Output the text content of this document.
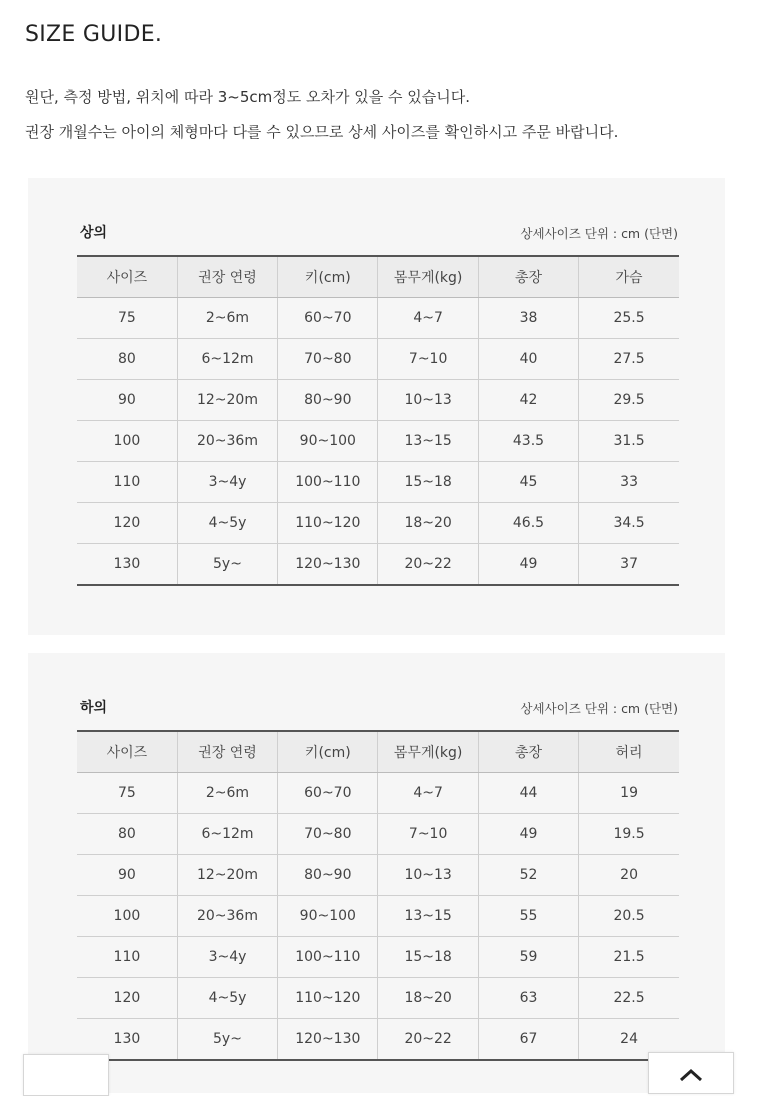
SIZE GUIDE.

원단, 측정 방법, 위치에 따라 3~5cm정도 오차가 있을 수 있습니다.

권장 개월수는 아이의 체형마다 다를 수 있으므로 상세 사이즈를 확인하시고 주문 바랍니다.

상의	상세사이즈 단위 : cm (단면)
사이즈	권장 연령	키(cm)	몸무게(kg)	총장	가슴
75	2~6m	60~70	4~7	38	25.5
80	6~12m	70~80	7~10	40	27.5
90	12~20m	80~90	10~13	42	29.5
100	20~36m	90~100	13~15	43.5	31.5
110	3~4y	100~110	15~18	45	33
120	4~5y	110~120	18~20	46.5	34.5
130	5y~	120~130	20~22	49	37

하의	상세사이즈 단위 : cm (단면)
사이즈	권장 연령	키(cm)	몸무게(kg)	총장	허리
75	2~6m	60~70	4~7	44	19
80	6~12m	70~80	7~10	49	19.5
90	12~20m	80~90	10~13	52	20
100	20~36m	90~100	13~15	55	20.5
110	3~4y	100~110	15~18	59	21.5
120	4~5y	110~120	18~20	63	22.5
130	5y~	120~130	20~22	67	24
